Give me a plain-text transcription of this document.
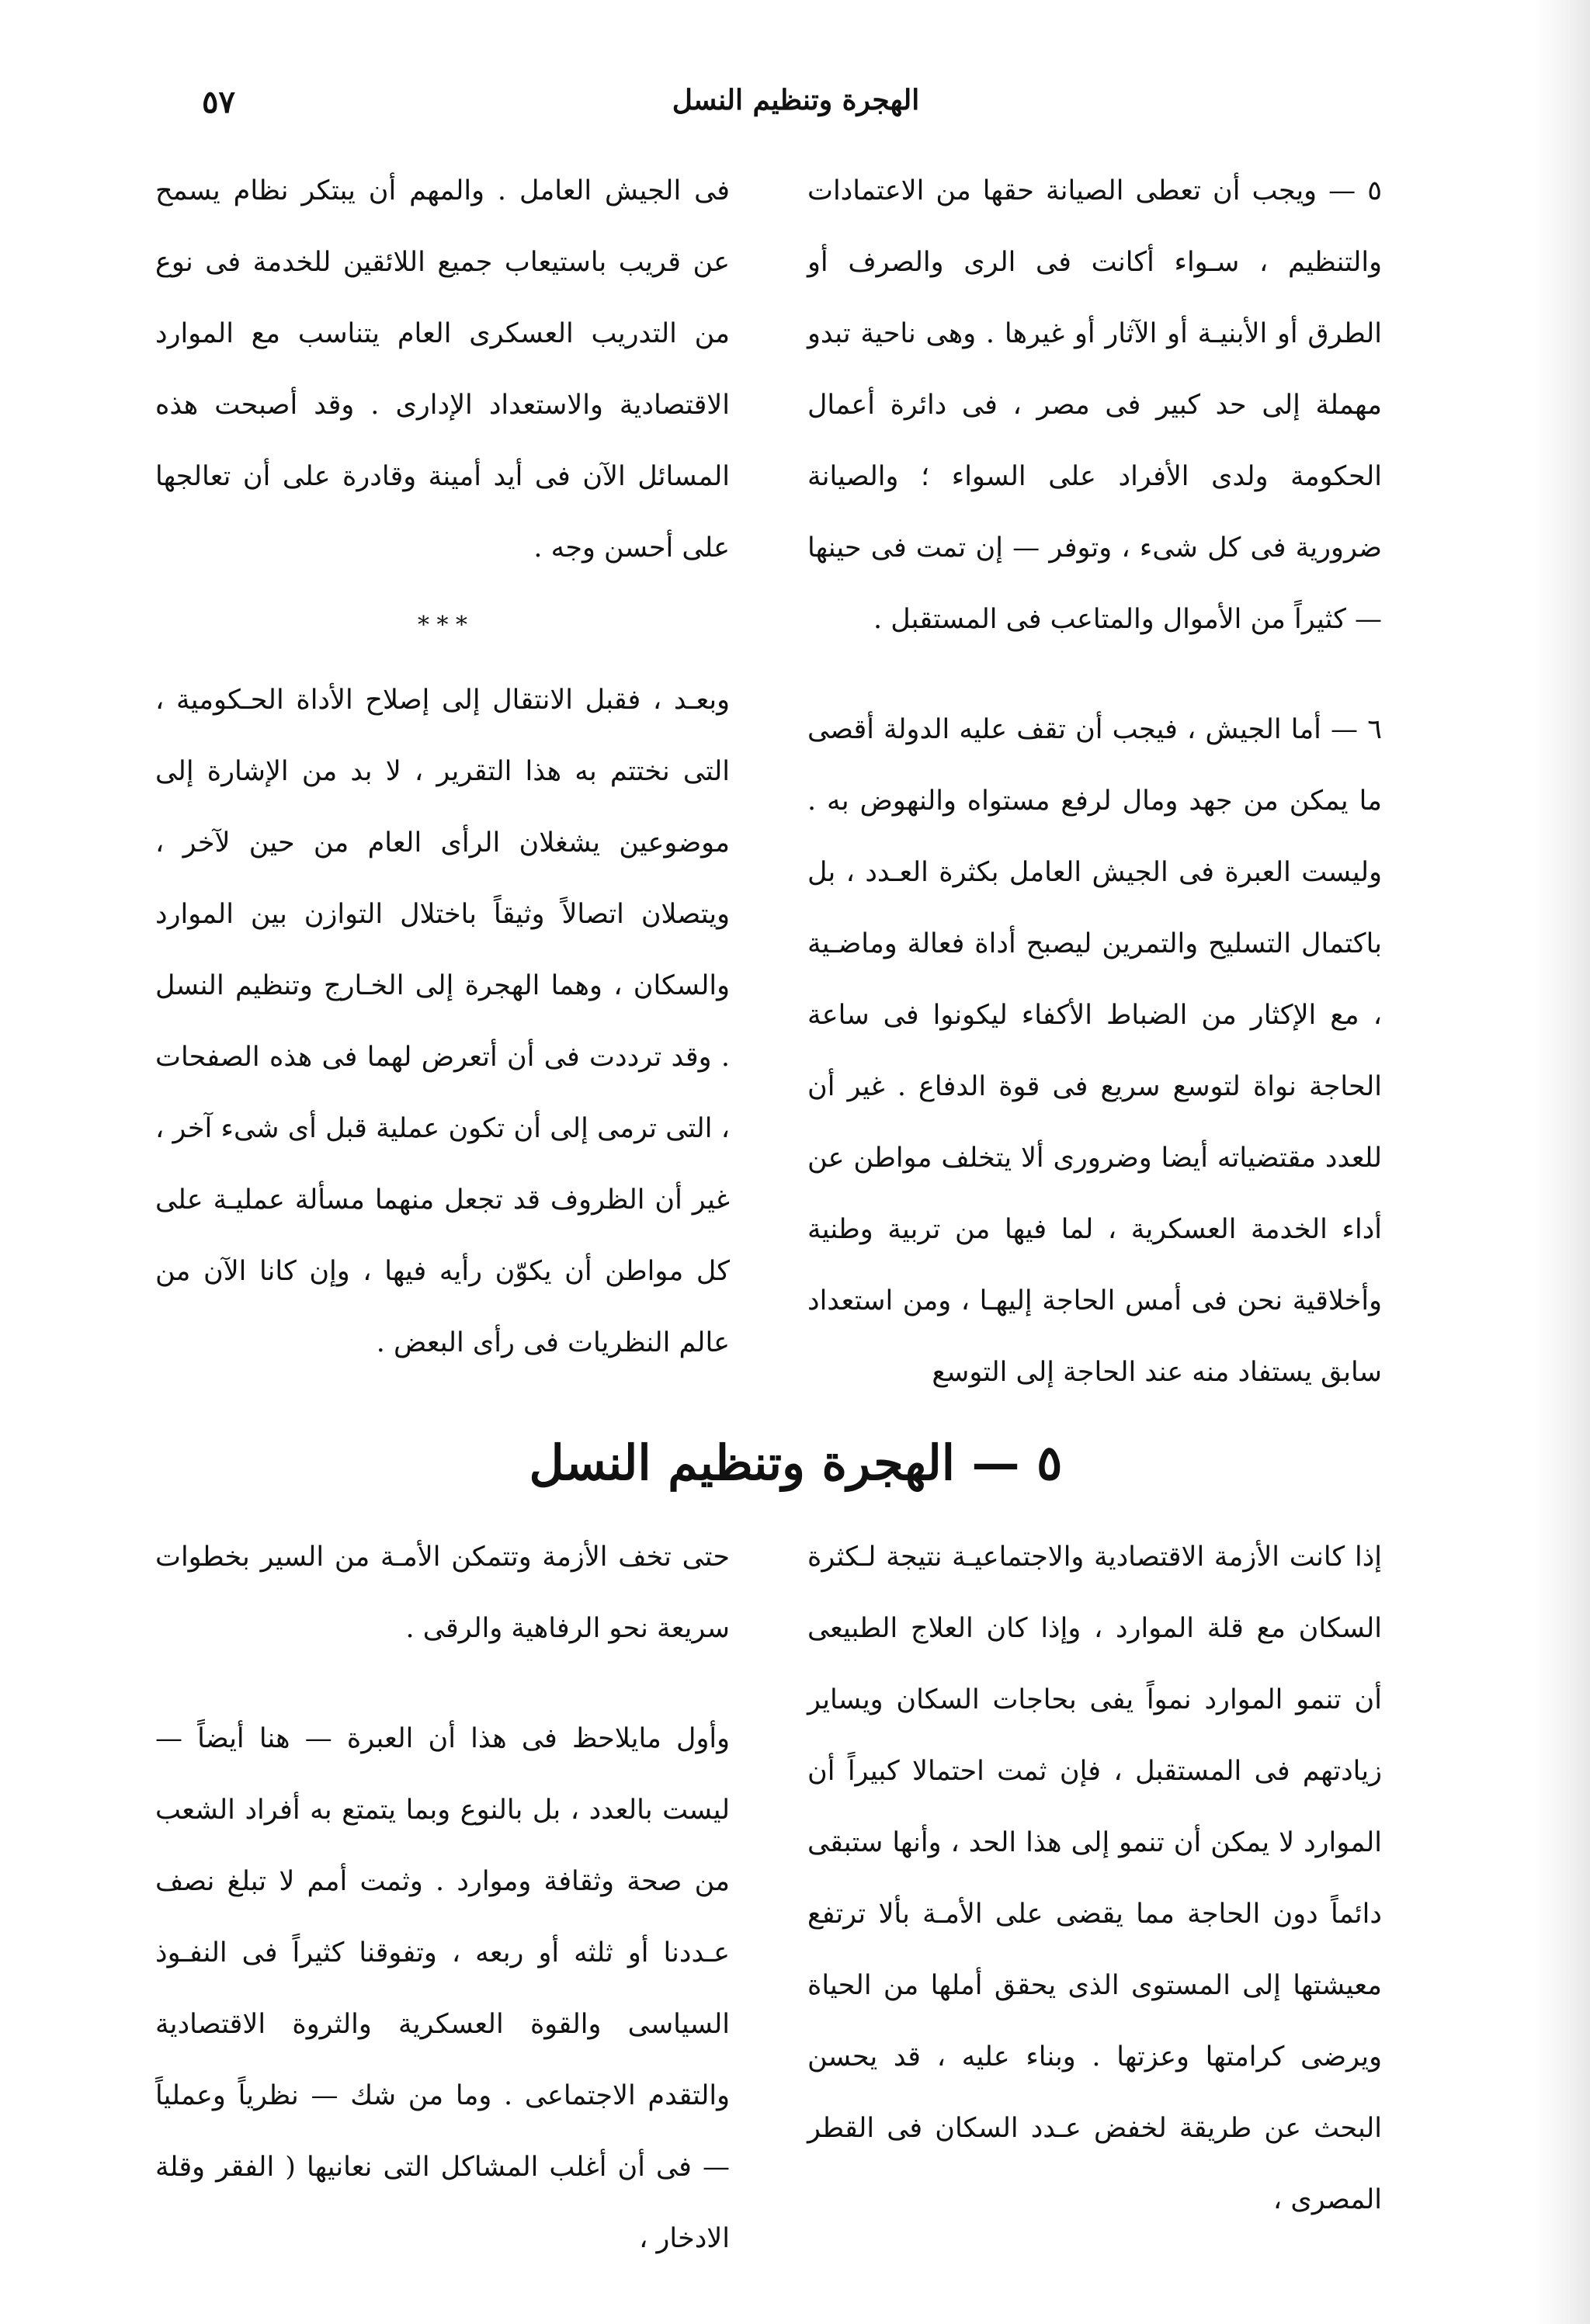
الهجرة وتنظيم النسل
٥٧

٥ — ويجب أن تعطى الصيانة حقها من الاعتمادات والتنظيم ، سـواء أكانت فى الرى والصرف أو الطرق أو الأبنيـة أو الآثار أو غيرها . وهى ناحية تبدو مهملة إلى حد كبير فى مصر ، فى دائرة أعمال الحكومة ولدى الأفراد على السواء ؛ والصيانة ضرورية فى كل شىء ، وتوفر — إن تمت فى حينها — كثيراً من الأموال والمتاعب فى المستقبل .

٦ — أما الجيش ، فيجب أن تقف عليه الدولة أقصى ما يمكن من جهد ومال لرفع مستواه والنهوض به . وليست العبرة فى الجيش العامل بكثرة العـدد ، بل باكتمال التسليح والتمرين ليصبح أداة فعالة وماضـية ، مع الإكثار من الضباط الأكفاء ليكونوا فى ساعة الحاجة نواة لتوسع سريع فى قوة الدفاع . غير أن للعدد مقتضياته أيضا وضرورى ألا يتخلف مواطن عن أداء الخدمة العسكرية ، لما فيها من تربية وطنية وأخلاقية نحن فى أمس الحاجة إليهـا ، ومن استعداد سابق يستفاد منه عند الحاجة إلى التوسع

فى الجيش العامل . والمهم أن يبتكر نظام يسمح عن قريب باستيعاب جميع اللائقين للخدمة فى نوع من التدريب العسكرى العام يتناسب مع الموارد الاقتصادية والاستعداد الإدارى . وقد أصبحت هذه المسائل الآن فى أيد أمينة وقادرة على أن تعالجها على أحسن وجه .

* * *

وبعـد ، فقبل الانتقال إلى إصلاح الأداة الحـكومية ، التى نختتم به هذا التقرير ، لا بد من الإشارة إلى موضوعين يشغلان الرأى العام من حين لآخر ، ويتصلان اتصالاً وثيقاً باختلال التوازن بين الموارد والسكان ، وهما الهجرة إلى الخـارج وتنظيم النسل . وقد ترددت فى أن أتعرض لهما فى هذه الصفحات ، التى ترمى إلى أن تكون عملية قبل أى شىء آخر ، غير أن الظروف قد تجعل منهما مسألة عمليـة على كل مواطن أن يكوّن رأيه فيها ، وإن كانا الآن من عالم النظريات فى رأى البعض .

٥ — الهجرة وتنظيم النسل

إذا كانت الأزمة الاقتصادية والاجتماعيـة نتيجة لـكثرة السكان مع قلة الموارد ، وإذا كان العلاج الطبيعى أن تنمو الموارد نمواً يفى بحاجات السكان ويساير زيادتهم فى المستقبل ، فإن ثمت احتمالا كبيراً أن الموارد لا يمكن أن تنمو إلى هذا الحد ، وأنها ستبقى دائماً دون الحاجة مما يقضى على الأمـة بألا ترتفع معيشتها إلى المستوى الذى يحقق أملها من الحياة ويرضى كرامتها وعزتها . وبناء عليه ، قد يحسن البحث عن طريقة لخفض عـدد السكان فى القطر المصرى ،

حتى تخف الأزمة وتتمكن الأمـة من السير بخطوات سريعة نحو الرفاهية والرقى .

وأول مايلاحظ فى هذا أن العبرة — هنا أيضاً — ليست بالعدد ، بل بالنوع وبما يتمتع به أفراد الشعب من صحة وثقافة وموارد . وثمت أمم لا تبلغ نصف عـددنا أو ثلثه أو ربعه ، وتفوقنا كثيراً فى النفـوذ السياسى والقوة العسكرية والثروة الاقتصادية والتقدم الاجتماعى . وما من شك — نظرياً وعملياً — فى أن أغلب المشاكل التى نعانيها ( الفقر وقلة الادخار ،
